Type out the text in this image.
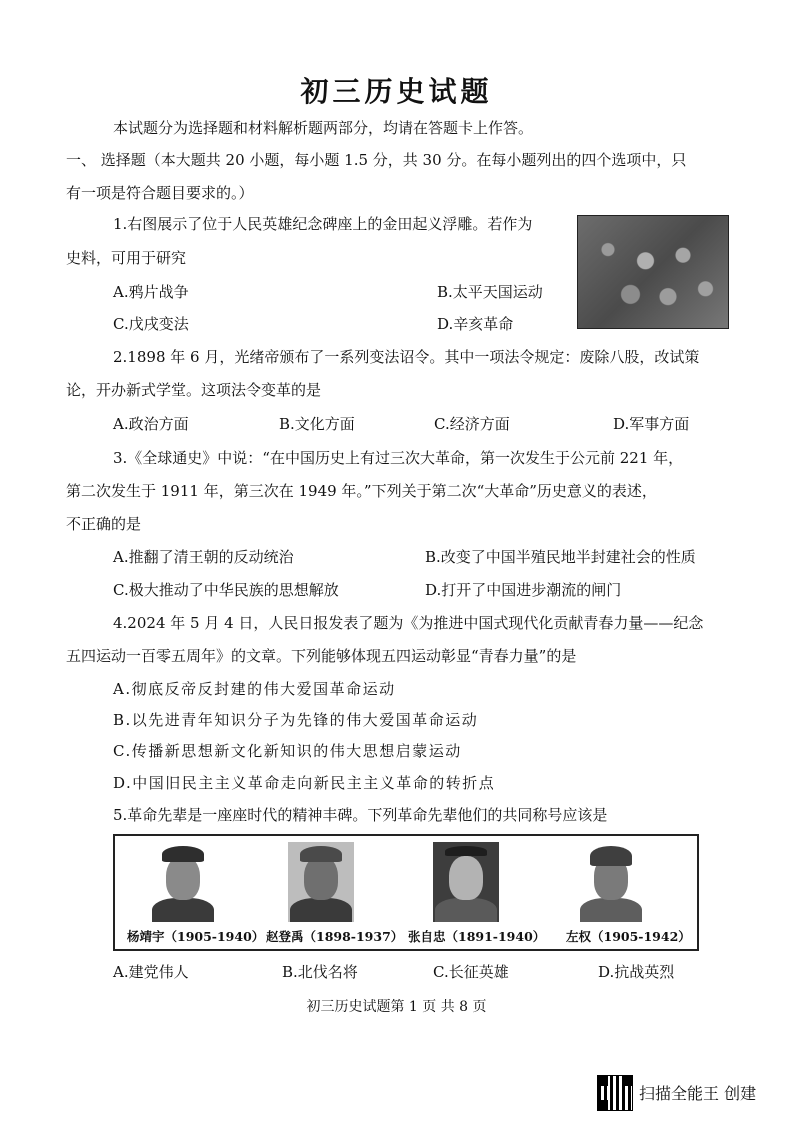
初三历史试题
本试题分为选择题和材料解析题两部分，均请在答题卡上作答。
一、 选择题（本大题共 20 小题，每小题 1.5 分，共 30 分。在每小题列出的四个选项中，只
有一项是符合题目要求的。）
1.右图展示了位于人民英雄纪念碑座上的金田起义浮雕。若作为
史料，可用于研究
A.鸦片战争	B.太平天国运动
C.戊戌变法	D.辛亥革命
2.1898 年 6 月，光绪帝颁布了一系列变法诏令。其中一项法令规定：废除八股，改试策
论，开办新式学堂。这项法令变革的是
A.政治方面	B.文化方面	C.经济方面	D.军事方面
3.《全球通史》中说：“在中国历史上有过三次大革命，第一次发生于公元前 221 年，
第二次发生于 1911 年，第三次在 1949 年。”下列关于第二次“大革命”历史意义的表述，
不正确的是
A.推翻了清王朝的反动统治	B.改变了中国半殖民地半封建社会的性质
C.极大推动了中华民族的思想解放	D.打开了中国进步潮流的闸门
4.2024 年 5 月 4 日，人民日报发表了题为《为推进中国式现代化贡献青春力量——纪念
五四运动一百零五周年》的文章。下列能够体现五四运动彰显“青春力量”的是
A.彻底反帝反封建的伟大爱国革命运动
B.以先进青年知识分子为先锋的伟大爱国革命运动
C.传播新思想新文化新知识的伟大思想启蒙运动
D.中国旧民主主义革命走向新民主主义革命的转折点
5.革命先辈是一座座时代的精神丰碑。下列革命先辈他们的共同称号应该是
杨靖宇（1905-1940） 赵登禹（1898-1937） 张自忠（1891-1940） 左权（1905-1942）
A.建党伟人	B.北伐名将	C.长征英雄	D.抗战英烈
初三历史试题第 1 页 共 8 页
扫描全能王 创建
